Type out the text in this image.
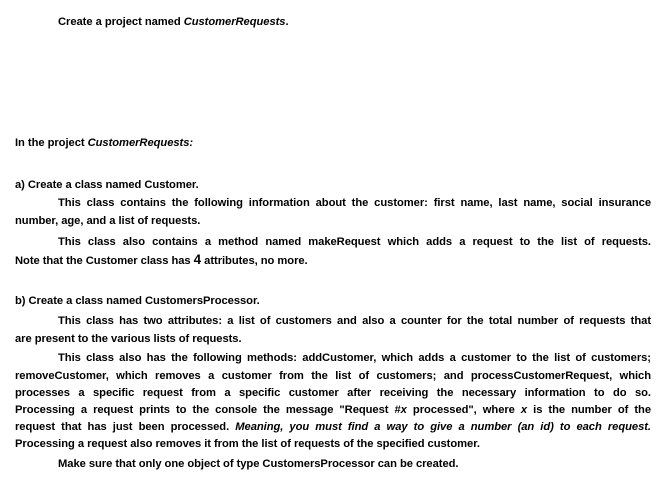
Create a project named CustomerRequests.
In the project CustomerRequests:
a) Create a class named Customer.
This class contains the following information about the customer: first name, last name, social insurance
number, age, and a list of requests.
This class also contains a method named makeRequest which adds a request to the list of requests.
Note that the Customer class has 4 attributes, no more.
b) Create a class named CustomersProcessor.
This class has two attributes: a list of customers and also a counter for the total number of requests that
are present to the various lists of requests.
This class also has the following methods: addCustomer, which adds a customer to the list of customers;
removeCustomer, which removes a customer from the list of customers; and processCustomerRequest, which
processes a specific request from a specific customer after receiving the necessary information to do so.
Processing a request prints to the console the message "Request #x processed", where x is the number of the
request that has just been processed. Meaning, you must find a way to give a number (an id) to each request.
Processing a request also removes it from the list of requests of the specified customer.
Make sure that only one object of type CustomersProcessor can be created.
